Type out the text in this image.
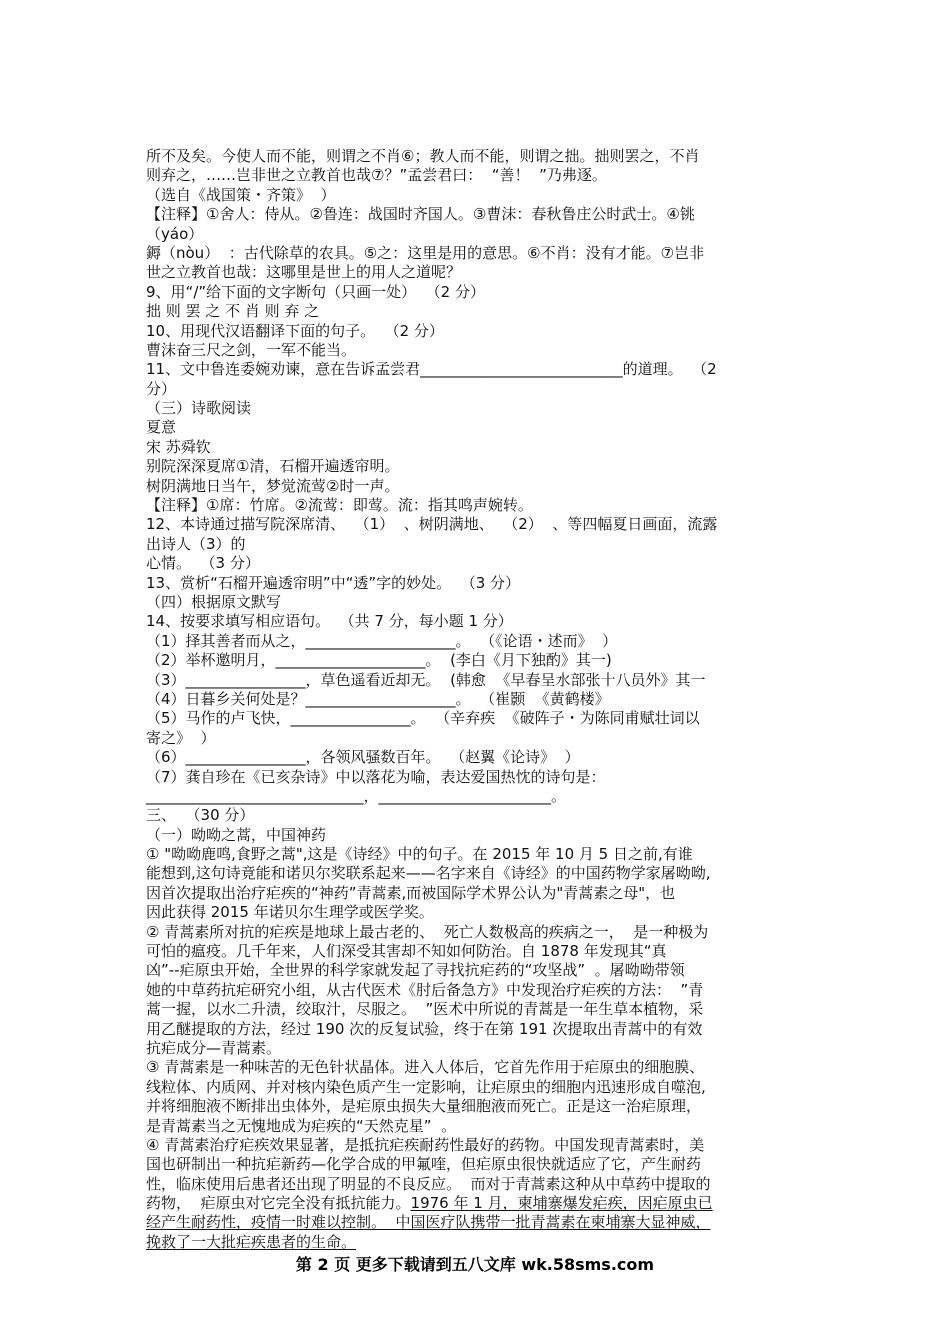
所不及矣。今使人而不能，则谓之不肖⑥；教人而不能，则谓之拙。拙则罢之，不肖
则弃之，……岂非世之立教首也哉⑦？”孟尝君曰：  “善！  ”乃弗逐。
（选自《战国策・齐策》  ）
【注释】①舍人：侍从。②鲁连：战国时齐国人。③曹沫：春秋鲁庄公时武士。④铫
（yáo）
鎒（nòu）  ：古代除草的农具。⑤之：这里是用的意思。⑥不肖：没有才能。⑦岂非
世之立教首也哉：这哪里是世上的用人之道呢？
9、用“/”给下面的文字断句（只画一处）  （2 分）
拙 则 罢 之 不 肖 则 弃 之
10、用现代汉语翻译下面的句子。  （2 分）
曹沫奋三尺之剑，一军不能当。
11、文中鲁连委婉劝谏，意在告诉孟尝君___________________________的道理。  （2
分）
（三）诗歌阅读
夏意
宋 苏舜钦
别院深深夏席①清，石榴开遍透帘明。
树阴满地日当午，梦觉流莺②时一声。
【注释】①席：竹席。②流莺：即莺。流：指其鸣声婉转。
12、本诗通过描写院深席清、  （1）  、树阴满地、  （2）  、等四幅夏日画面，流露
出诗人（3）的
心情。  （3 分）
13、赏析“石榴开遍透帘明”中“透”字的妙处。  （3 分）
（四）根据原文默写
14、按要求填写相应语句。  （共 7 分，每小题 1 分）
（1）择其善者而从之，____________________。  （《论语・述而》  ）
（2）举杯邀明月，____________________。  (李白《月下独酌》其一)
（3）________________，草色遥看近却无。  (韩愈  《早春呈水部张十八员外》其一
（4）日暮乡关何处是？____________________。  （崔颢  《黄鹤楼》
（5）马作的卢飞快，________________。  （辛弃疾  《破阵子・为陈同甫赋壮词以
寄之》  ）
（6）________________，各领风骚数百年。  （赵翼《论诗》  ）
（7）龚自珍在《已亥杂诗》中以落花为喻，表达爱国热忱的诗句是：
_____________________________，_______________________。
三、  （30 分）
（一）呦呦之蒿，中国神药
① "呦呦鹿鸣,食野之蒿",这是《诗经》中的句子。在 2015 年 10 月 5 日之前,有谁
能想到,这句诗竟能和诺贝尔奖联系起来——名字来自《诗经》的中国药物学家屠呦呦,
因首次提取出治疗疟疾的“神药”青蒿素,而被国际学术界公认为"青蒿素之母"，也
因此获得 2015 年诺贝尔生理学或医学奖。
② 青蒿素所对抗的疟疾是地球上最古老的、  死亡人数极高的疾病之一，  是一种极为
可怕的瘟疫。几千年来，人们深受其害却不知如何防治。自 1878 年发现其“真
凶”--疟原虫开始，全世界的科学家就发起了寻找抗疟药的“攻坚战”  。屠呦呦带领
她的中草药抗疟研究小组，从古代医术《肘后备急方》中发现治疗疟疾的方法：  ”青
蒿一握，以水二升渍，绞取汁，尽服之。  ”医术中所说的青蒿是一年生草本植物，采
用乙醚提取的方法，经过 190 次的反复试验，终于在第 191 次提取出青蒿中的有效
抗疟成分—青蒿素。
③ 青蒿素是一种味苦的无色针状晶体。进入人体后，它首先作用于疟原虫的细胞膜、
线粒体、内质网、并对核内染色质产生一定影响，让疟原虫的细胞内迅速形成自噬泡,
并将细胞液不断排出虫体外，是疟原虫损失大量细胞液而死亡。正是这一治疟原理，
是青蒿素当之无愧地成为疟疾的“天然克星”  。
④ 青蒿素治疗疟疾效果显著，是抵抗疟疾耐药性最好的药物。中国发现青蒿素时，美
国也研制出一种抗疟新药—化学合成的甲氟喹，但疟原虫很快就适应了它，产生耐药
性，临床使用后患者还出现了明显的不良反应。  而对于青蒿素这种从中草药中提取的
药物，  疟原虫对它完全没有抵抗能力。1976 年 1 月，柬埔寨爆发疟疾，因疟原虫已
经产生耐药性，疫情一时难以控制。  中国医疗队携带一批青蒿素在柬埔寨大显神威，
挽救了一大批疟疾患者的生命。
第 2 页 更多下载请到五八文库 wk.58sms.com
